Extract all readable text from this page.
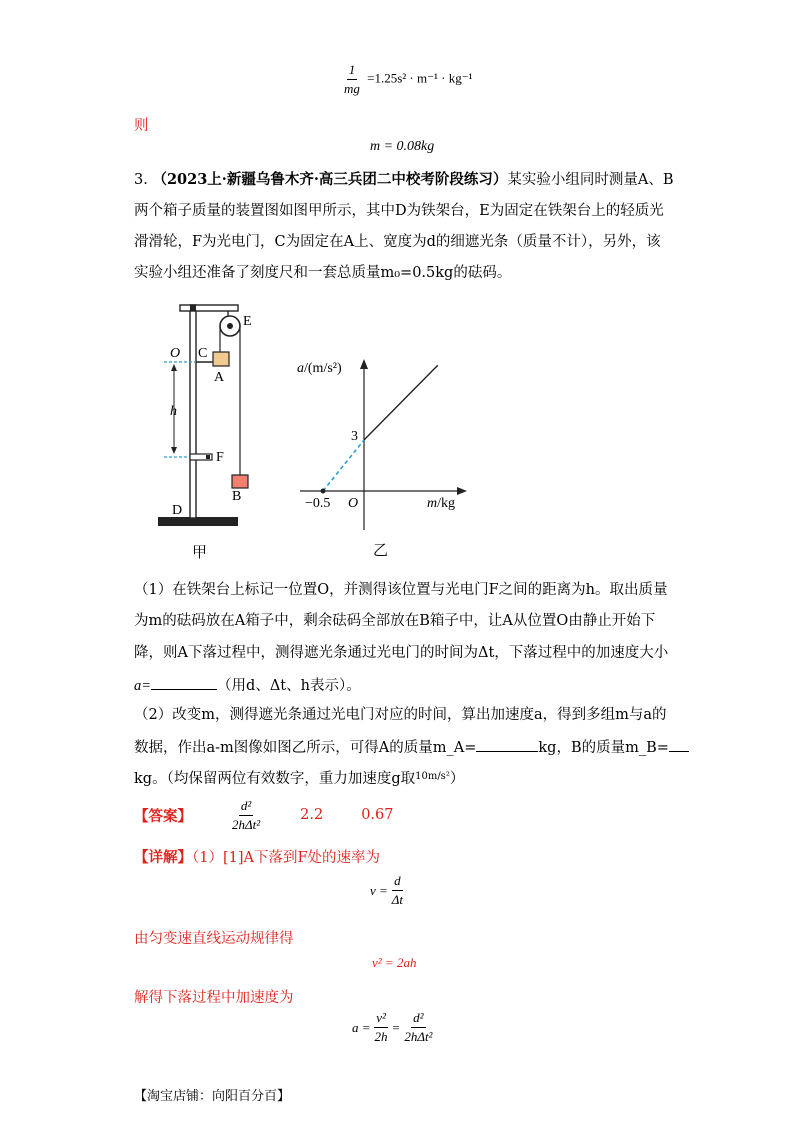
$\frac{1}{mg} =1.25s^2 \cdot m^{-1} \cdot kg^{-1}$
则
m = 0.08kg
3. （2023上·新疆乌鲁木齐·高三兵团二中校考阶段练习）某实验小组同时测量A、B
两个箱子质量的装置图如图甲所示，其中D为铁架台，E为固定在铁架台上的轻质光
滑滑轮，F为光电门，C为固定在A上、宽度为d的细遮光条（质量不计），另外，该
实验小组还准备了刻度尺和一套总质量m₀=0.5kg的砝码。
E
O C
A
h
F
B
D
甲
a/(m/s²)
m/kg
3
−0.5 O
乙
（1）在铁架台上标记一位置O，并测得该位置与光电门F之间的距离为h。取出质量
为m的砝码放在A箱子中，剩余砝码全部放在B箱子中，让A从位置O由静止开始下
降，则A下落过程中，测得遮光条通过光电门的时间为Δt，下落过程中的加速度大小
a=	（用d、Δt、h表示）。
（2）改变m，测得遮光条通过光电门对应的时间，算出加速度a，得到多组m与a的
数据，作出a-m图像如图乙所示，可得A的质量m_A=	kg，B的质量m_B=
kg。（均保留两位有效数字，重力加速度g取$^{10m/s^2}$）
【答案】	$\frac{\text{d²}}{\text{2hΔt²}}$	2.2	0.67
【详解】（1）[1]A下落到F处的速率为
$v = \frac{d}{\Delta t}$
由匀变速直线运动规律得
v² = 2ah
解得下落过程中加速度为
$a = \frac{\text{v²}}{2h} = \frac{\text{d²}}{\text{2hΔt²}}$
【淘宝店铺：向阳百分百】
